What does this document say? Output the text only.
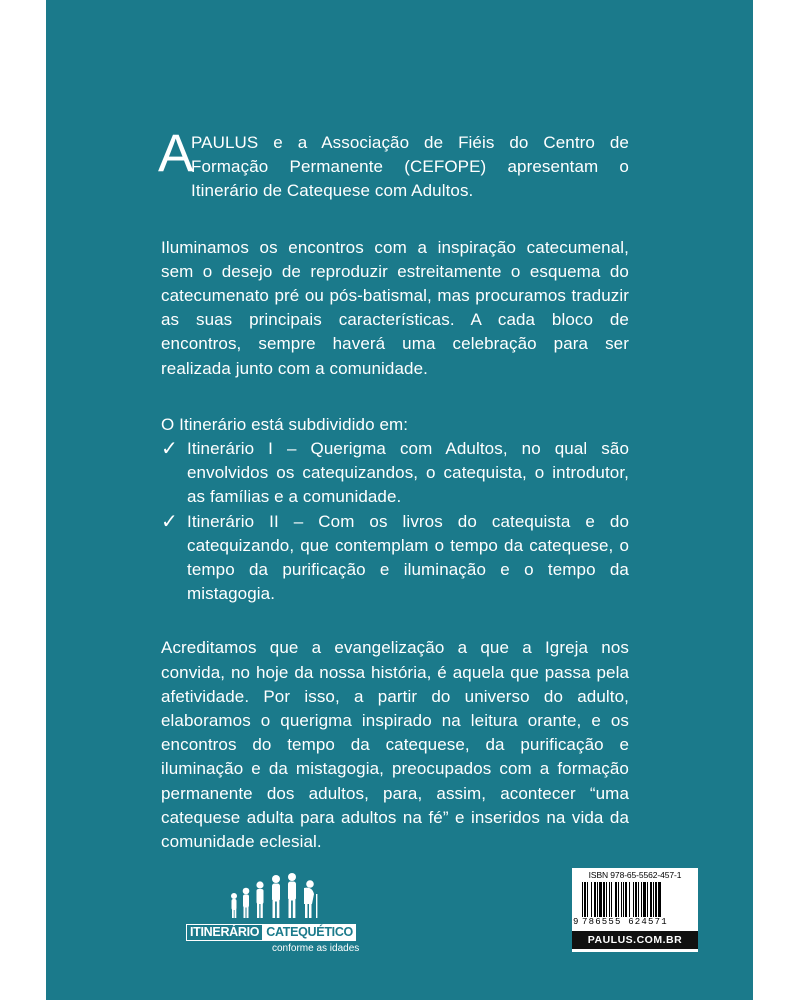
A
PAULUS e a Associação de Fiéis do Centro de Formação Permanente (CEFOPE) apresentam o Itinerário de Catequese com Adultos.

Iluminamos os encontros com a inspiração catecumenal, sem o desejo de reproduzir estreitamente o esquema do catecumenato pré ou pós-batismal, mas procuramos traduzir as suas principais características. A cada bloco de encontros, sempre haverá uma celebração para ser realizada junto com a comunidade.

O Itinerário está subdividido em:

✓ Itinerário I – Querigma com Adultos, no qual são envolvidos os catequizandos, o catequista, o introdutor, as famílias e a comunidade.

✓ Itinerário II – Com os livros do catequista e do catequizando, que contemplam o tempo da catequese, o tempo da purificação e iluminação e o tempo da mistagogia.

Acreditamos que a evangelização a que a Igreja nos convida, no hoje da nossa história, é aquela que passa pela afetividade. Por isso, a partir do universo do adulto, elaboramos o querigma inspirado na leitura orante, e os encontros do tempo da catequese, da purificação e iluminação e da mistagogia, preocupados com a formação permanente dos adultos, para, assim, acontecer “uma catequese adulta para adultos na fé” e inseridos na vida da comunidade eclesial.

ITINERÁRIO CATEQUÉTICO
conforme as idades
ISBN 978-65-5562-457-1
9 786555 624571
PAULUS.COM.BR
